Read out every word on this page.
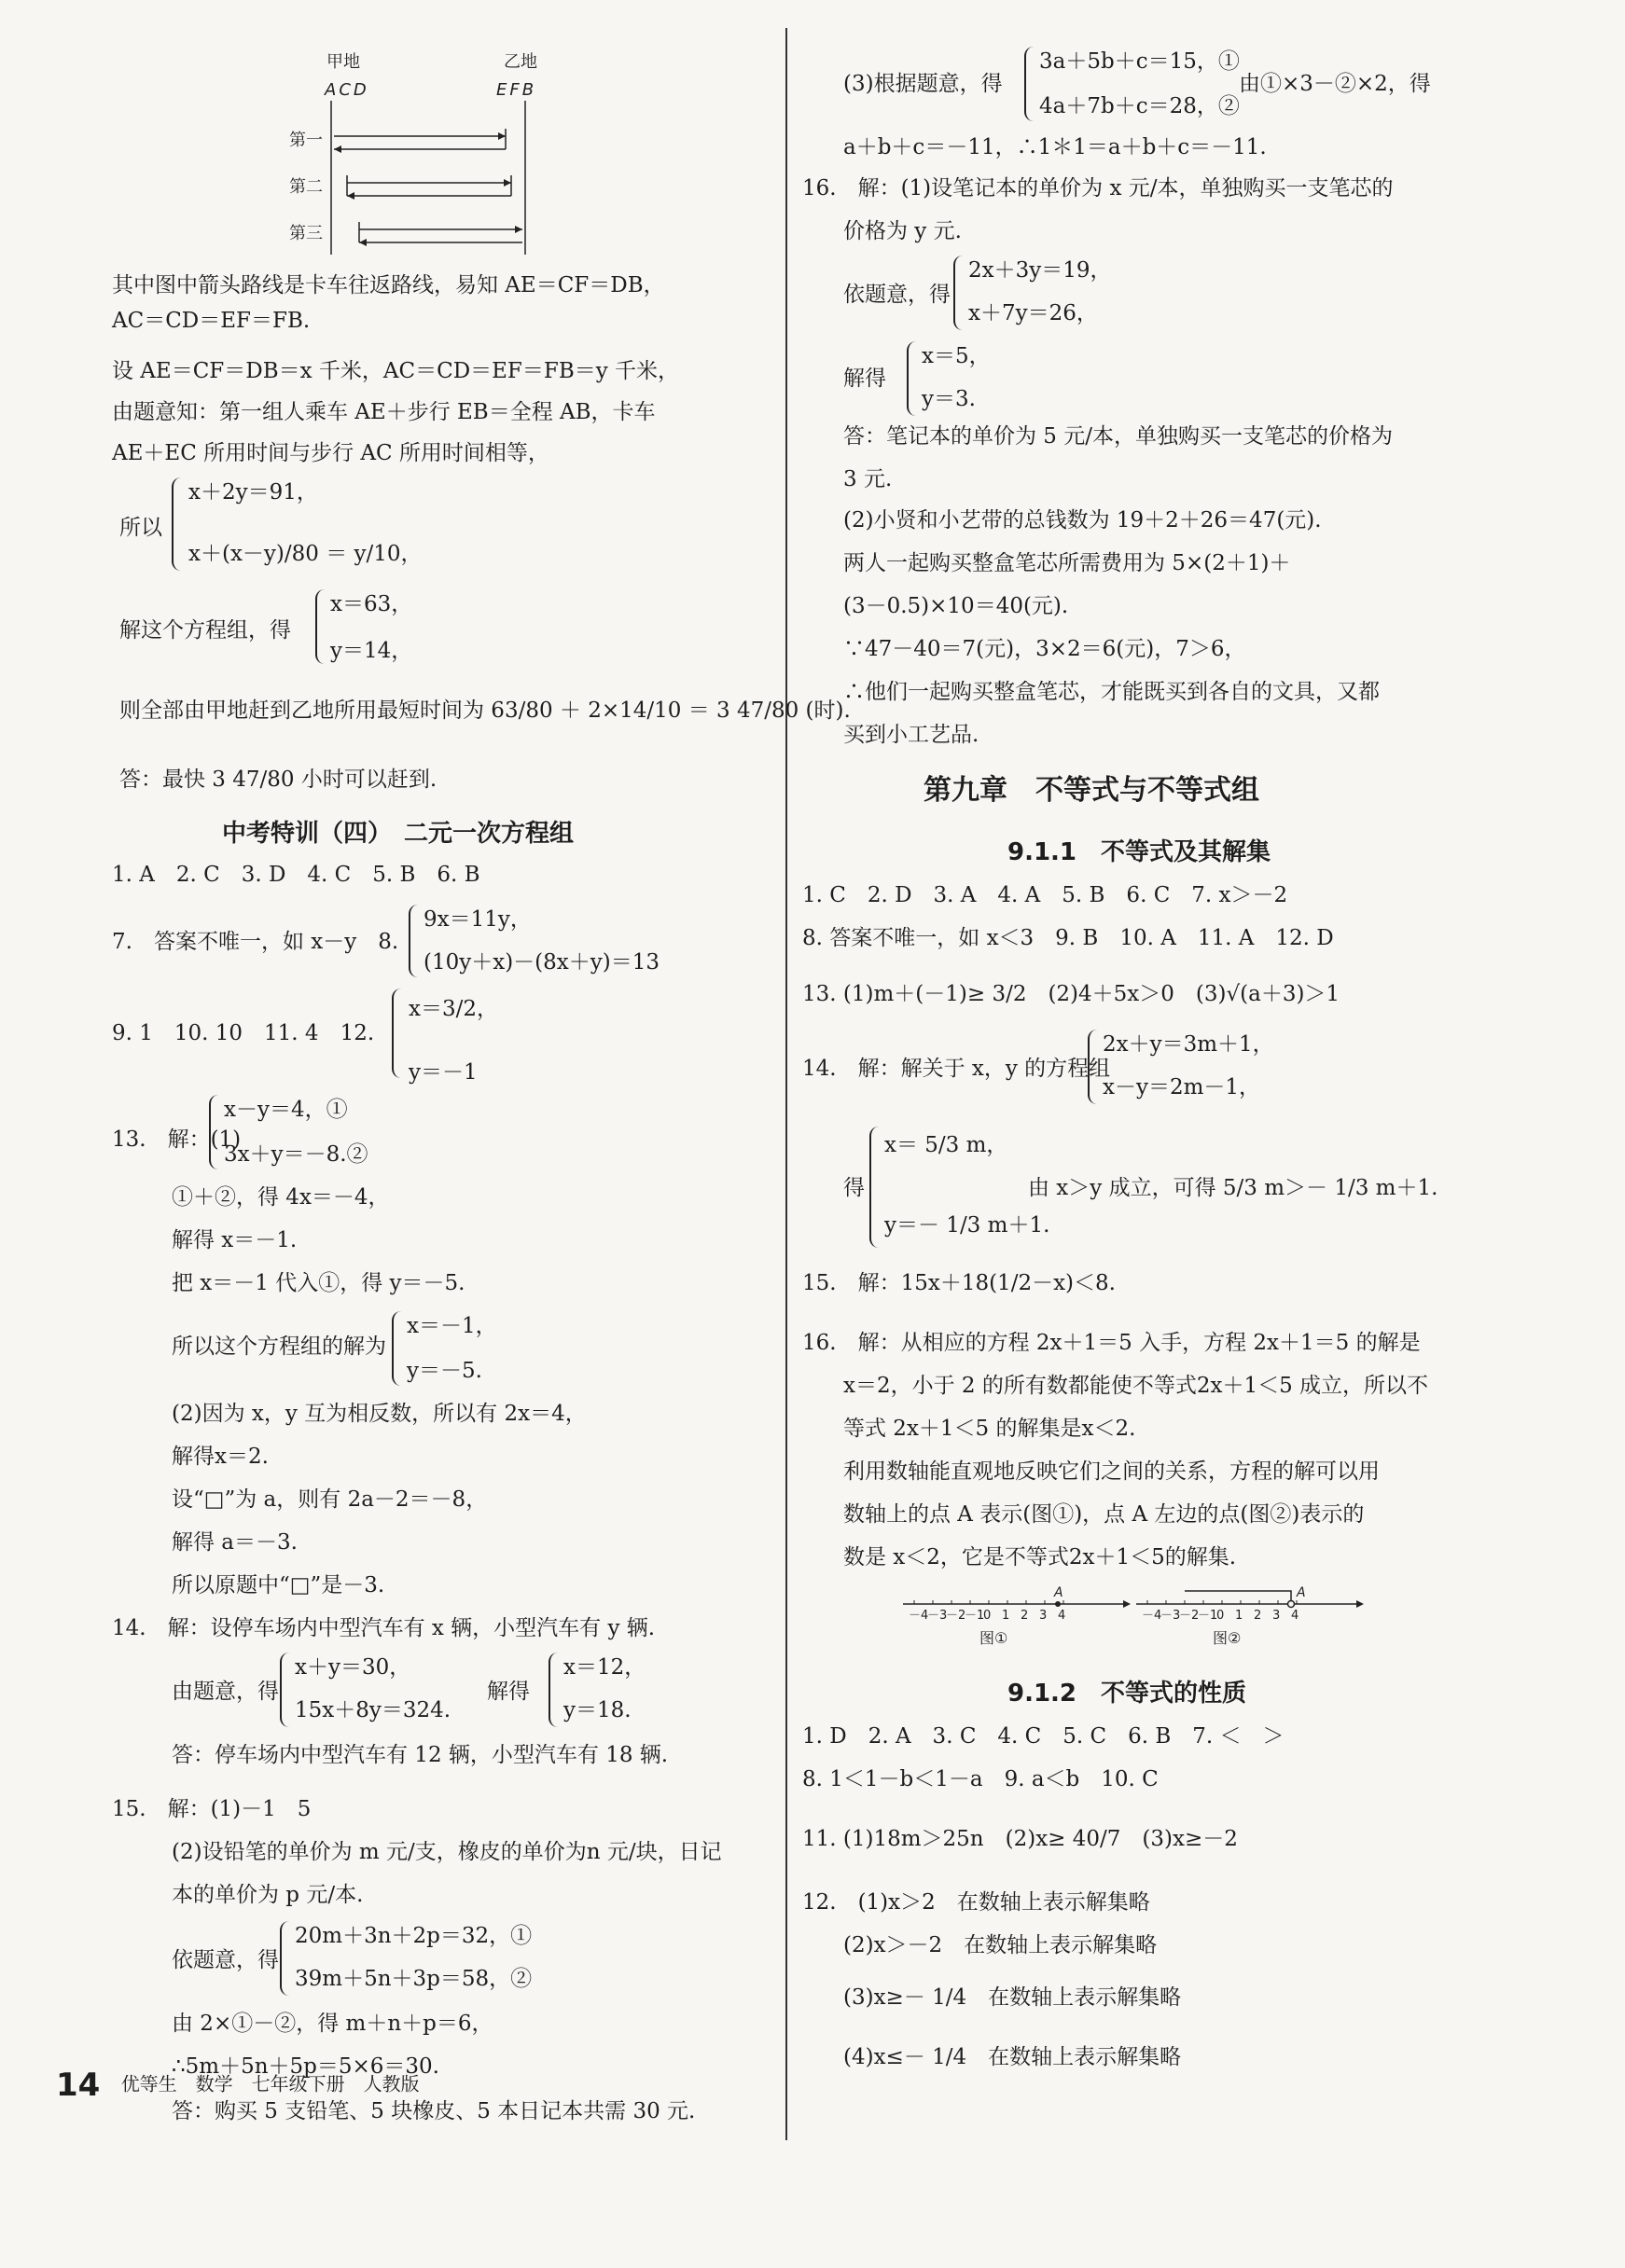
甲地	乙地
ACD	EFB
第一
第二
第三
其中图中箭头路线是卡车往返路线，易知 AE＝CF＝DB，
AC＝CD＝EF＝FB.
设 AE＝CF＝DB＝x 千米，AC＝CD＝EF＝FB＝y 千米，
由题意知：第一组人乘车 AE＋步行 EB＝全程 AB，卡车
AE＋EC 所用时间与步行 AC 所用时间相等，
所以
x＋2y＝91，
x＋(x－y)/80 ＝ y/10，
解这个方程组，得
x＝63，
y＝14，
则全部由甲地赶到乙地所用最短时间为 63/80 ＋ 2×14/10 ＝ 3 47/80 (时).
答：最快 3 47/80 小时可以赶到.
中考特训（四）　二元一次方程组
1. A　2. C　3. D　4. C　5. B　6. B
7.　答案不唯一，如 x－y　8.
9x＝11y，
(10y＋x)－(8x＋y)＝13
9. 1　10. 10　11. 4　12.
x＝3/2，
y＝－1
13.　解：(1)
x－y＝4，①
3x＋y＝－8.②
①＋②，得 4x＝－4，
解得 x＝－1.
把 x＝－1 代入①，得 y＝－5.
所以这个方程组的解为
x＝－1，
y＝－5.
(2)因为 x，y 互为相反数，所以有 2x＝4，
解得x＝2.
设“□”为 a，则有 2a－2＝－8，
解得 a＝－3.
所以原题中“□”是－3.
14.　解：设停车场内中型汽车有 x 辆，小型汽车有 y 辆.
由题意，得
x＋y＝30，
15x＋8y＝324.
解得
x＝12，
y＝18.
答：停车场内中型汽车有 12 辆，小型汽车有 18 辆.
15.　解：(1)－1　5
(2)设铅笔的单价为 m 元/支，橡皮的单价为n 元/块，日记
本的单价为 p 元/本.
依题意，得
20m＋3n＋2p＝32，①
39m＋5n＋3p＝58，②
由 2×①－②，得 m＋n＋p＝6，
∴5m＋5n＋5p＝5×6＝30.
答：购买 5 支铅笔、5 块橡皮、5 本日记本共需 30 元.
(3)根据题意，得
3a＋5b＋c＝15，①
4a＋7b＋c＝28，②
由①×3－②×2，得
a＋b＋c＝－11，∴1＊1＝a＋b＋c＝－11.
16.　解：(1)设笔记本的单价为 x 元/本，单独购买一支笔芯的
价格为 y 元.
依题意，得
2x＋3y＝19，
x＋7y＝26，
解得
x＝5，
y＝3.
答：笔记本的单价为 5 元/本，单独购买一支笔芯的价格为
3 元.
(2)小贤和小艺带的总钱数为 19＋2＋26＝47(元).
两人一起购买整盒笔芯所需费用为 5×(2＋1)＋
(3－0.5)×10＝40(元).
∵47－40＝7(元)，3×2＝6(元)，7＞6，
∴他们一起购买整盒笔芯，才能既买到各自的文具，又都
买到小工艺品.
第九章　不等式与不等式组
9.1.1　不等式及其解集
1. C　2. D　3. A　4. A　5. B　6. C　7. x＞－2
8. 答案不唯一，如 x＜3　9. B　10. A　11. A　12. D
13. (1)m＋(－1)≥ 3/2　(2)4＋5x＞0　(3)√(a＋3)＞1
14.　解：解关于 x，y 的方程组
2x＋y＝3m＋1，
x－y＝2m－1，
得
x＝ 5/3 m，
y＝－ 1/3 m＋1.
由 x＞y 成立，可得 5/3 m＞－ 1/3 m＋1.
15.　解：15x＋18(1/2－x)＜8.
16.　解：从相应的方程 2x＋1＝5 入手，方程 2x＋1＝5 的解是
x＝2，小于 2 的所有数都能使不等式2x＋1＜5 成立，所以不
等式 2x＋1＜5 的解集是x＜2.
利用数轴能直观地反映它们之间的关系，方程的解可以用
数轴上的点 A 表示(图①)，点 A 左边的点(图②)表示的
数是 x＜2，它是不等式2x＋1＜5的解集.
A
－4
－3
－2
－1
0 1 2 3 4
图①
A
－4
－3
－2
－1
0 1 2 3 4
图②
9.1.2　不等式的性质
1. D　2. A　3. C　4. C　5. C　6. B　7. ＜　＞
8. 1＜1－b＜1－a　9. a＜b　10. C
11. (1)18m＞25n　(2)x≥ 40/7　(3)x≥－2
12.　(1)x＞2　在数轴上表示解集略
(2)x＞－2　在数轴上表示解集略
(3)x≥－ 1/4　在数轴上表示解集略
(4)x≤－ 1/4　在数轴上表示解集略
14 优等生　数学　七年级下册　人教版
